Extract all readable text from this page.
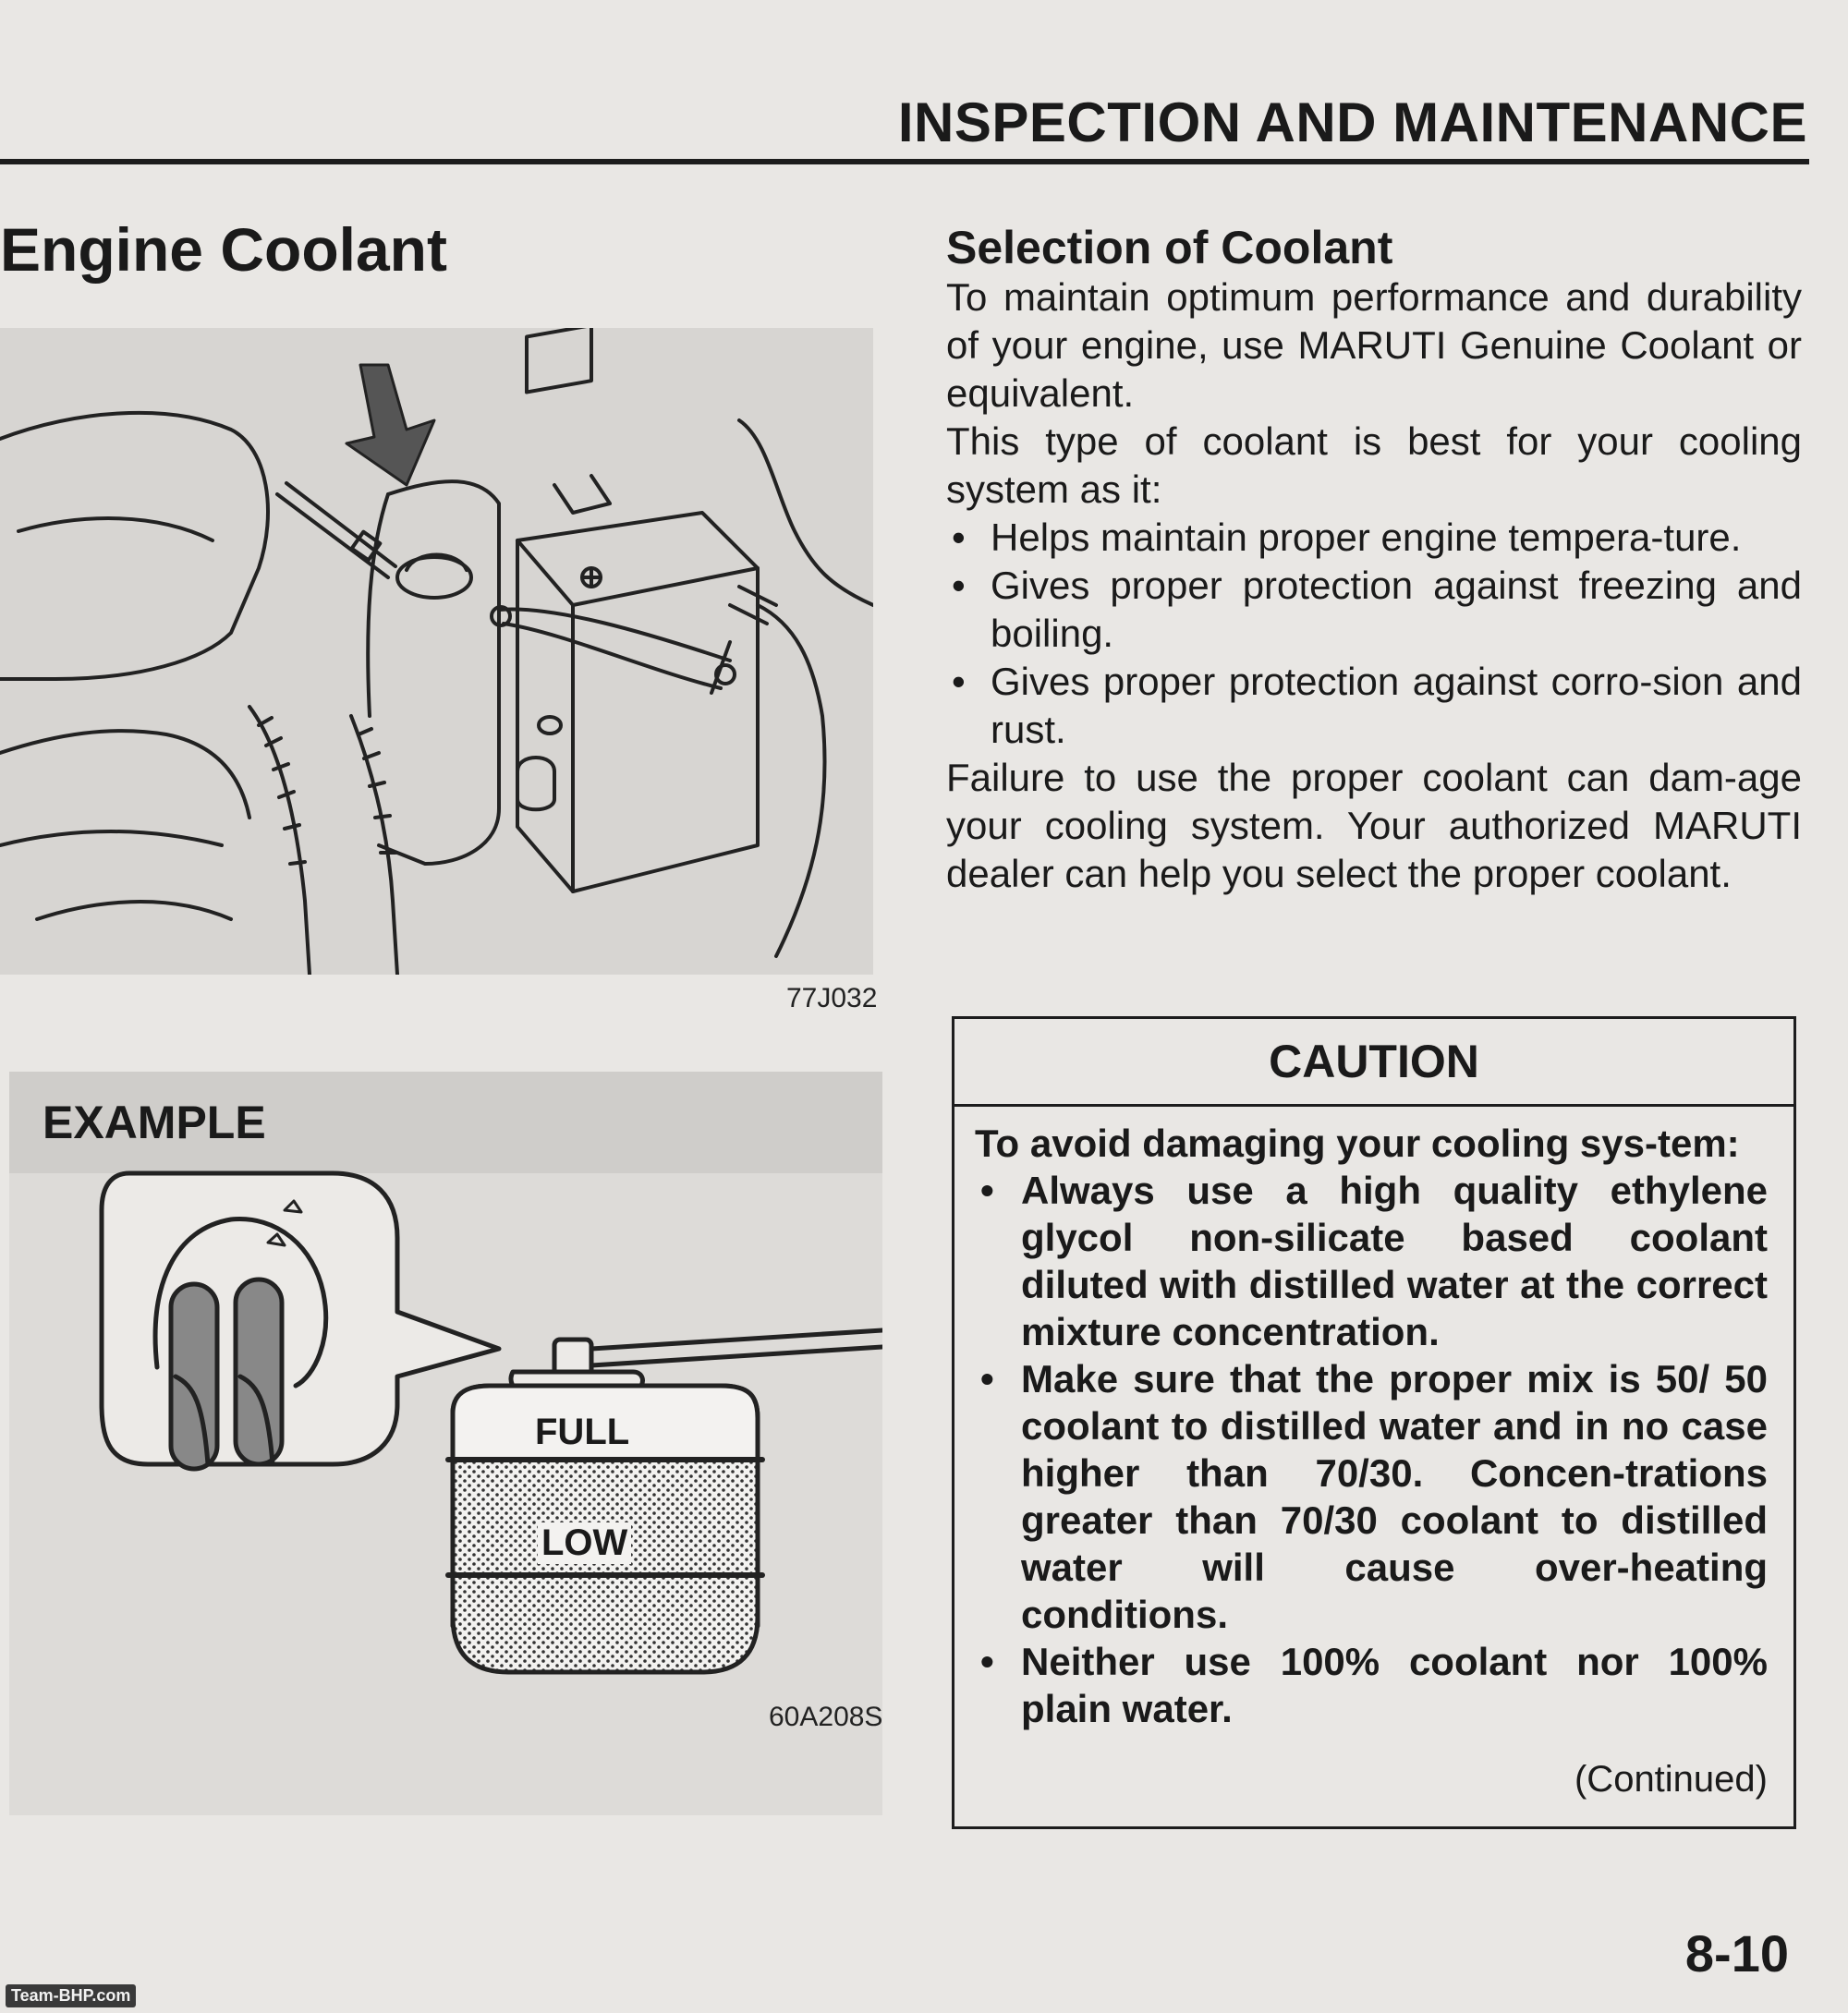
INSPECTION AND MAINTENANCE
Engine Coolant
77J032
FULL
LOW
EXAMPLE
60A208S
Selection of Coolant

To maintain optimum performance and durability of your engine, use MARUTI Genuine Coolant or equivalent.

This type of coolant is best for your cooling system as it:

• Helps maintain proper engine tempera-ture.
• Gives proper protection against freezing and boiling.
• Gives proper protection against corro-sion and rust.

Failure to use the proper coolant can dam-age your cooling system. Your authorized MARUTI dealer can help you select the proper coolant.

CAUTION

To avoid damaging your cooling sys-tem:

• Always use a high quality ethylene glycol non-silicate based coolant diluted with distilled water at the correct mixture concentration.
• Make sure that the proper mix is 50/ 50 coolant to distilled water and in no case higher than 70/30. Concen-trations greater than 70/30 coolant to distilled water will cause over-heating conditions.
• Neither use 100% coolant nor 100% plain water.
(Continued)
8-10
Team-BHP.com
